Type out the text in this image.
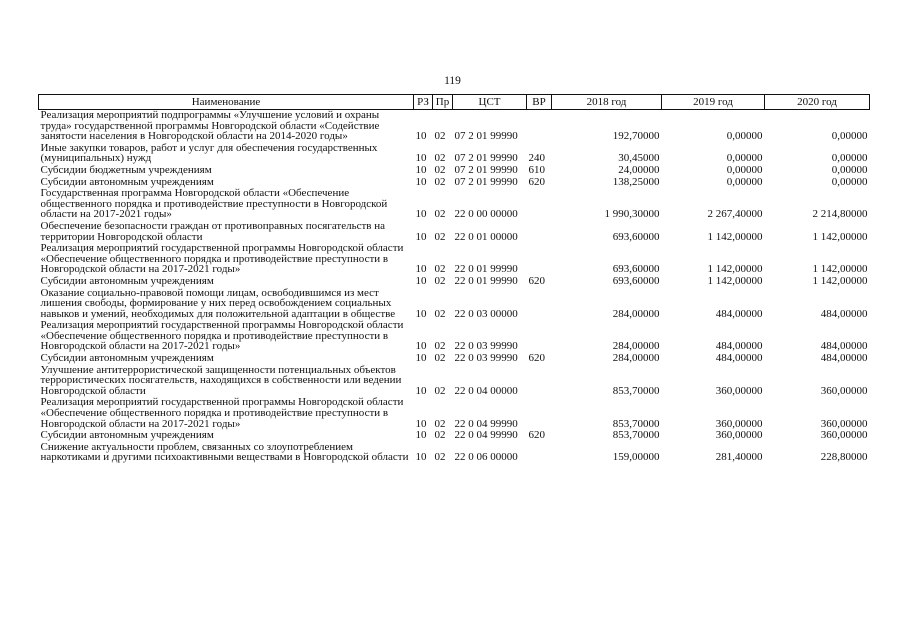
119
Наименование	РЗ	Пр	ЦСТ	ВР	2018 год	2019 год	2020 год
Реализация мероприятий подпрограммы «Улучшение условий и охраны труда» государственной программы Новгородской области «Содействие занятости населения в Новгородской области на 2014-2020 годы»	10	02	07 2 01 99990		192,70000	0,00000	0,00000
Иные закупки товаров, работ и услуг для обеспечения государственных (муниципальных) нужд	10	02	07 2 01 99990	240	30,45000	0,00000	0,00000
Субсидии бюджетным учреждениям	10	02	07 2 01 99990	610	24,00000	0,00000	0,00000
Субсидии автономным учреждениям	10	02	07 2 01 99990	620	138,25000	0,00000	0,00000
Государственная программа Новгородской области «Обеспечение общественного порядка и противодействие преступности в Новгородской области на 2017-2021 годы»	10	02	22 0 00 00000		1 990,30000	2 267,40000	2 214,80000
Обеспечение безопасности граждан от противоправных посягательств на территории Новгородской области	10	02	22 0 01 00000		693,60000	1 142,00000	1 142,00000
Реализация мероприятий государственной программы Новгородской области «Обеспечение общественного порядка и противодействие преступности в Новгородской области на 2017-2021 годы»	10	02	22 0 01 99990		693,60000	1 142,00000	1 142,00000
Субсидии автономным учреждениям	10	02	22 0 01 99990	620	693,60000	1 142,00000	1 142,00000
Оказание социально-правовой помощи лицам, освободившимся из мест лишения свободы, формирование у них перед освобождением социальных навыков и умений, необходимых для положительной адаптации в обществе	10	02	22 0 03 00000		284,00000	484,00000	484,00000
Реализация мероприятий государственной программы Новгородской области «Обеспечение общественного порядка и противодействие преступности в Новгородской области на 2017-2021 годы»	10	02	22 0 03 99990		284,00000	484,00000	484,00000
Субсидии автономным учреждениям	10	02	22 0 03 99990	620	284,00000	484,00000	484,00000
Улучшение антитеррористической защищенности потенциальных объектов террористических посягательств, находящихся в собственности или ведении Новгородской области	10	02	22 0 04 00000		853,70000	360,00000	360,00000
Реализация мероприятий государственной программы Новгородской области «Обеспечение общественного порядка и противодействие преступности в Новгородской области на 2017-2021 годы»	10	02	22 0 04 99990		853,70000	360,00000	360,00000
Субсидии автономным учреждениям	10	02	22 0 04 99990	620	853,70000	360,00000	360,00000
Снижение актуальности проблем, связанных со злоупотреблением наркотиками и другими психоактивными веществами в Новгородской области	10	02	22 0 06 00000		159,00000	281,40000	228,80000
